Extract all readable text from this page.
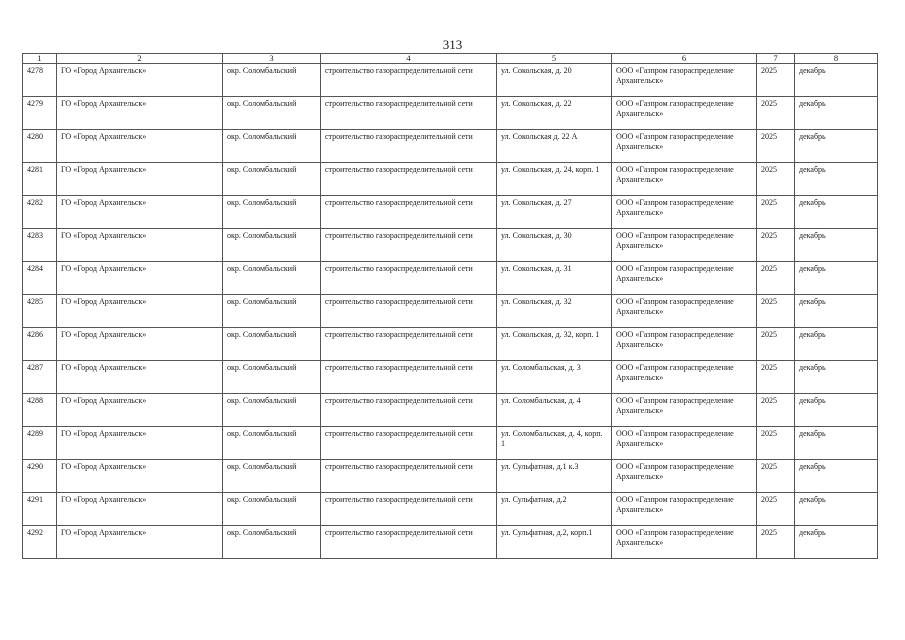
313
1	2	3	4	5	6	7	8
4278	ГО «Город Архангельск»	окр. Соломбальский	строительство газораспределительной сети	ул. Сокольская, д. 20	ООО «Газпром газораспределение Архангельск»	2025	декабрь
4279	ГО «Город Архангельск»	окр. Соломбальский	строительство газораспределительной сети	ул. Сокольская, д. 22	ООО «Газпром газораспределение Архангельск»	2025	декабрь
4280	ГО «Город Архангельск»	окр. Соломбальский	строительство газораспределительной сети	ул. Сокольская д. 22 А	ООО «Газпром газораспределение Архангельск»	2025	декабрь
4281	ГО «Город Архангельск»	окр. Соломбальский	строительство газораспределительной сети	ул. Сокольская, д. 24, корп. 1	ООО «Газпром газораспределение Архангельск»	2025	декабрь
4282	ГО «Город Архангельск»	окр. Соломбальский	строительство газораспределительной сети	ул. Сокольская, д. 27	ООО «Газпром газораспределение Архангельск»	2025	декабрь
4283	ГО «Город Архангельск»	окр. Соломбальский	строительство газораспределительной сети	ул. Сокольская, д. 30	ООО «Газпром газораспределение Архангельск»	2025	декабрь
4284	ГО «Город Архангельск»	окр. Соломбальский	строительство газораспределительной сети	ул. Сокольская, д. 31	ООО «Газпром газораспределение Архангельск»	2025	декабрь
4285	ГО «Город Архангельск»	окр. Соломбальский	строительство газораспределительной сети	ул. Сокольская, д. 32	ООО «Газпром газораспределение Архангельск»	2025	декабрь
4286	ГО «Город Архангельск»	окр. Соломбальский	строительство газораспределительной сети	ул. Сокольская, д. 32, корп. 1	ООО «Газпром газораспределение Архангельск»	2025	декабрь
4287	ГО «Город Архангельск»	окр. Соломбальский	строительство газораспределительной сети	ул. Соломбальская, д. 3	ООО «Газпром газораспределение Архангельск»	2025	декабрь
4288	ГО «Город Архангельск»	окр. Соломбальский	строительство газораспределительной сети	ул. Соломбальская, д. 4	ООО «Газпром газораспределение Архангельск»	2025	декабрь
4289	ГО «Город Архангельск»	окр. Соломбальский	строительство газораспределительной сети	ул. Соломбальская, д. 4, корп. 1	ООО «Газпром газораспределение Архангельск»	2025	декабрь
4290	ГО «Город Архангельск»	окр. Соломбальский	строительство газораспределительной сети	ул. Сульфатная, д.1 к.3	ООО «Газпром газораспределение Архангельск»	2025	декабрь
4291	ГО «Город Архангельск»	окр. Соломбальский	строительство газораспределительной сети	ул. Сульфатная, д.2	ООО «Газпром газораспределение Архангельск»	2025	декабрь
4292	ГО «Город Архангельск»	окр. Соломбальский	строительство газораспределительной сети	ул. Сульфатная, д.2, корп.1	ООО «Газпром газораспределение Архангельск»	2025	декабрь
